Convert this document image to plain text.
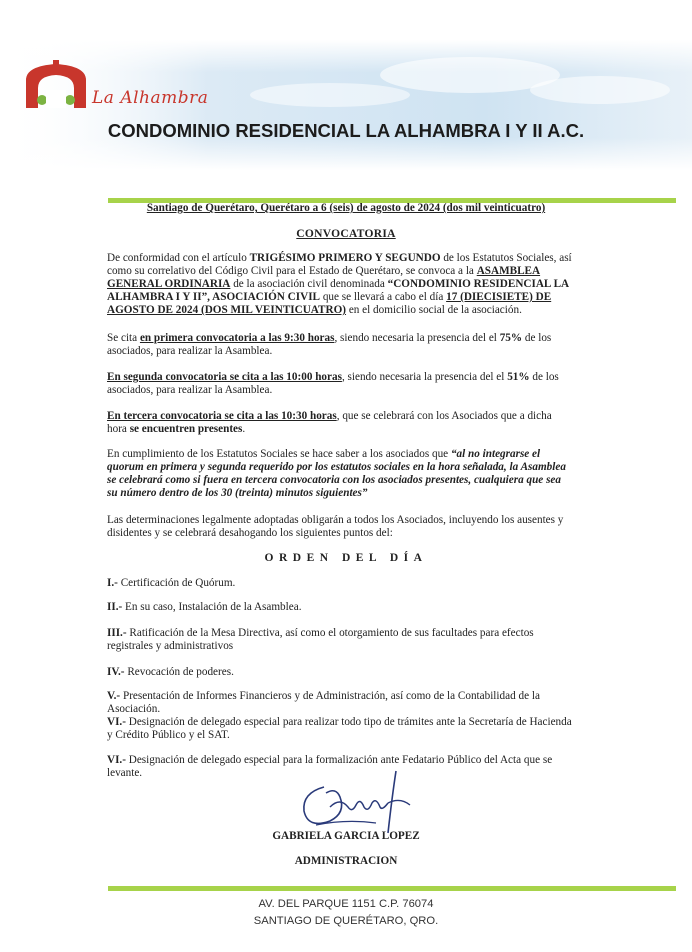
La Alhambra
CONDOMINIO RESIDENCIAL LA ALHAMBRA I Y II A.C.
Santiago de Querétaro, Querétaro a 6 (seis) de agosto de 2024 (dos mil veinticuatro)
CONVOCATORIA
De conformidad con el artículo TRIGÉSIMO PRIMERO Y SEGUNDO de los Estatutos Sociales, así como su correlativo del Código Civil para el Estado de Querétaro, se convoca a la ASAMBLEA GENERAL ORDINARIA de la asociación civil denominada “CONDOMINIO RESIDENCIAL LA ALHAMBRA I Y II”, ASOCIACIÓN CIVIL que se llevará a cabo el día 17 (DIECISIETE) DE AGOSTO DE 2024 (DOS MIL VEINTICUATRO) en el domicilio social de la asociación.
Se cita en primera convocatoria a las 9:30 horas, siendo necesaria la presencia del el 75% de los asociados, para realizar la Asamblea.
En segunda convocatoria se cita a las 10:00 horas, siendo necesaria la presencia del el 51% de los asociados, para realizar la Asamblea.
En tercera convocatoria se cita a las 10:30 horas, que se celebrará con los Asociados que a dicha hora se encuentren presentes.
En cumplimiento de los Estatutos Sociales se hace saber a los asociados que “al no integrarse el quorum en primera y segunda requerido por los estatutos sociales en la hora señalada, la Asamblea se celebrará como si fuera en tercera convocatoria con los asociados presentes, cualquiera que sea su número dentro de los 30 (treinta) minutos siguientes”
Las determinaciones legalmente adoptadas obligarán a todos los Asociados, incluyendo los ausentes y disidentes y se celebrará desahogando los siguientes puntos del:
ORDEN DEL DÍA
I.- Certificación de Quórum.
II.- En su caso, Instalación de la Asamblea.
III.- Ratificación de la Mesa Directiva, así como el otorgamiento de sus facultades para efectos registrales y administrativos
IV.- Revocación de poderes.
V.- Presentación de Informes Financieros y de Administración, así como de la Contabilidad de la Asociación.
VI.- Designación de delegado especial para realizar todo tipo de trámites ante la Secretaría de Hacienda y Crédito Público y el SAT.
VI.- Designación de delegado especial para la formalización ante Fedatario Público del Acta que se levante.
GABRIELA GARCIA LOPEZ
ADMINISTRACION
AV. DEL PARQUE 1151 C.P. 76074
SANTIAGO DE QUERÉTARO, QRO.
